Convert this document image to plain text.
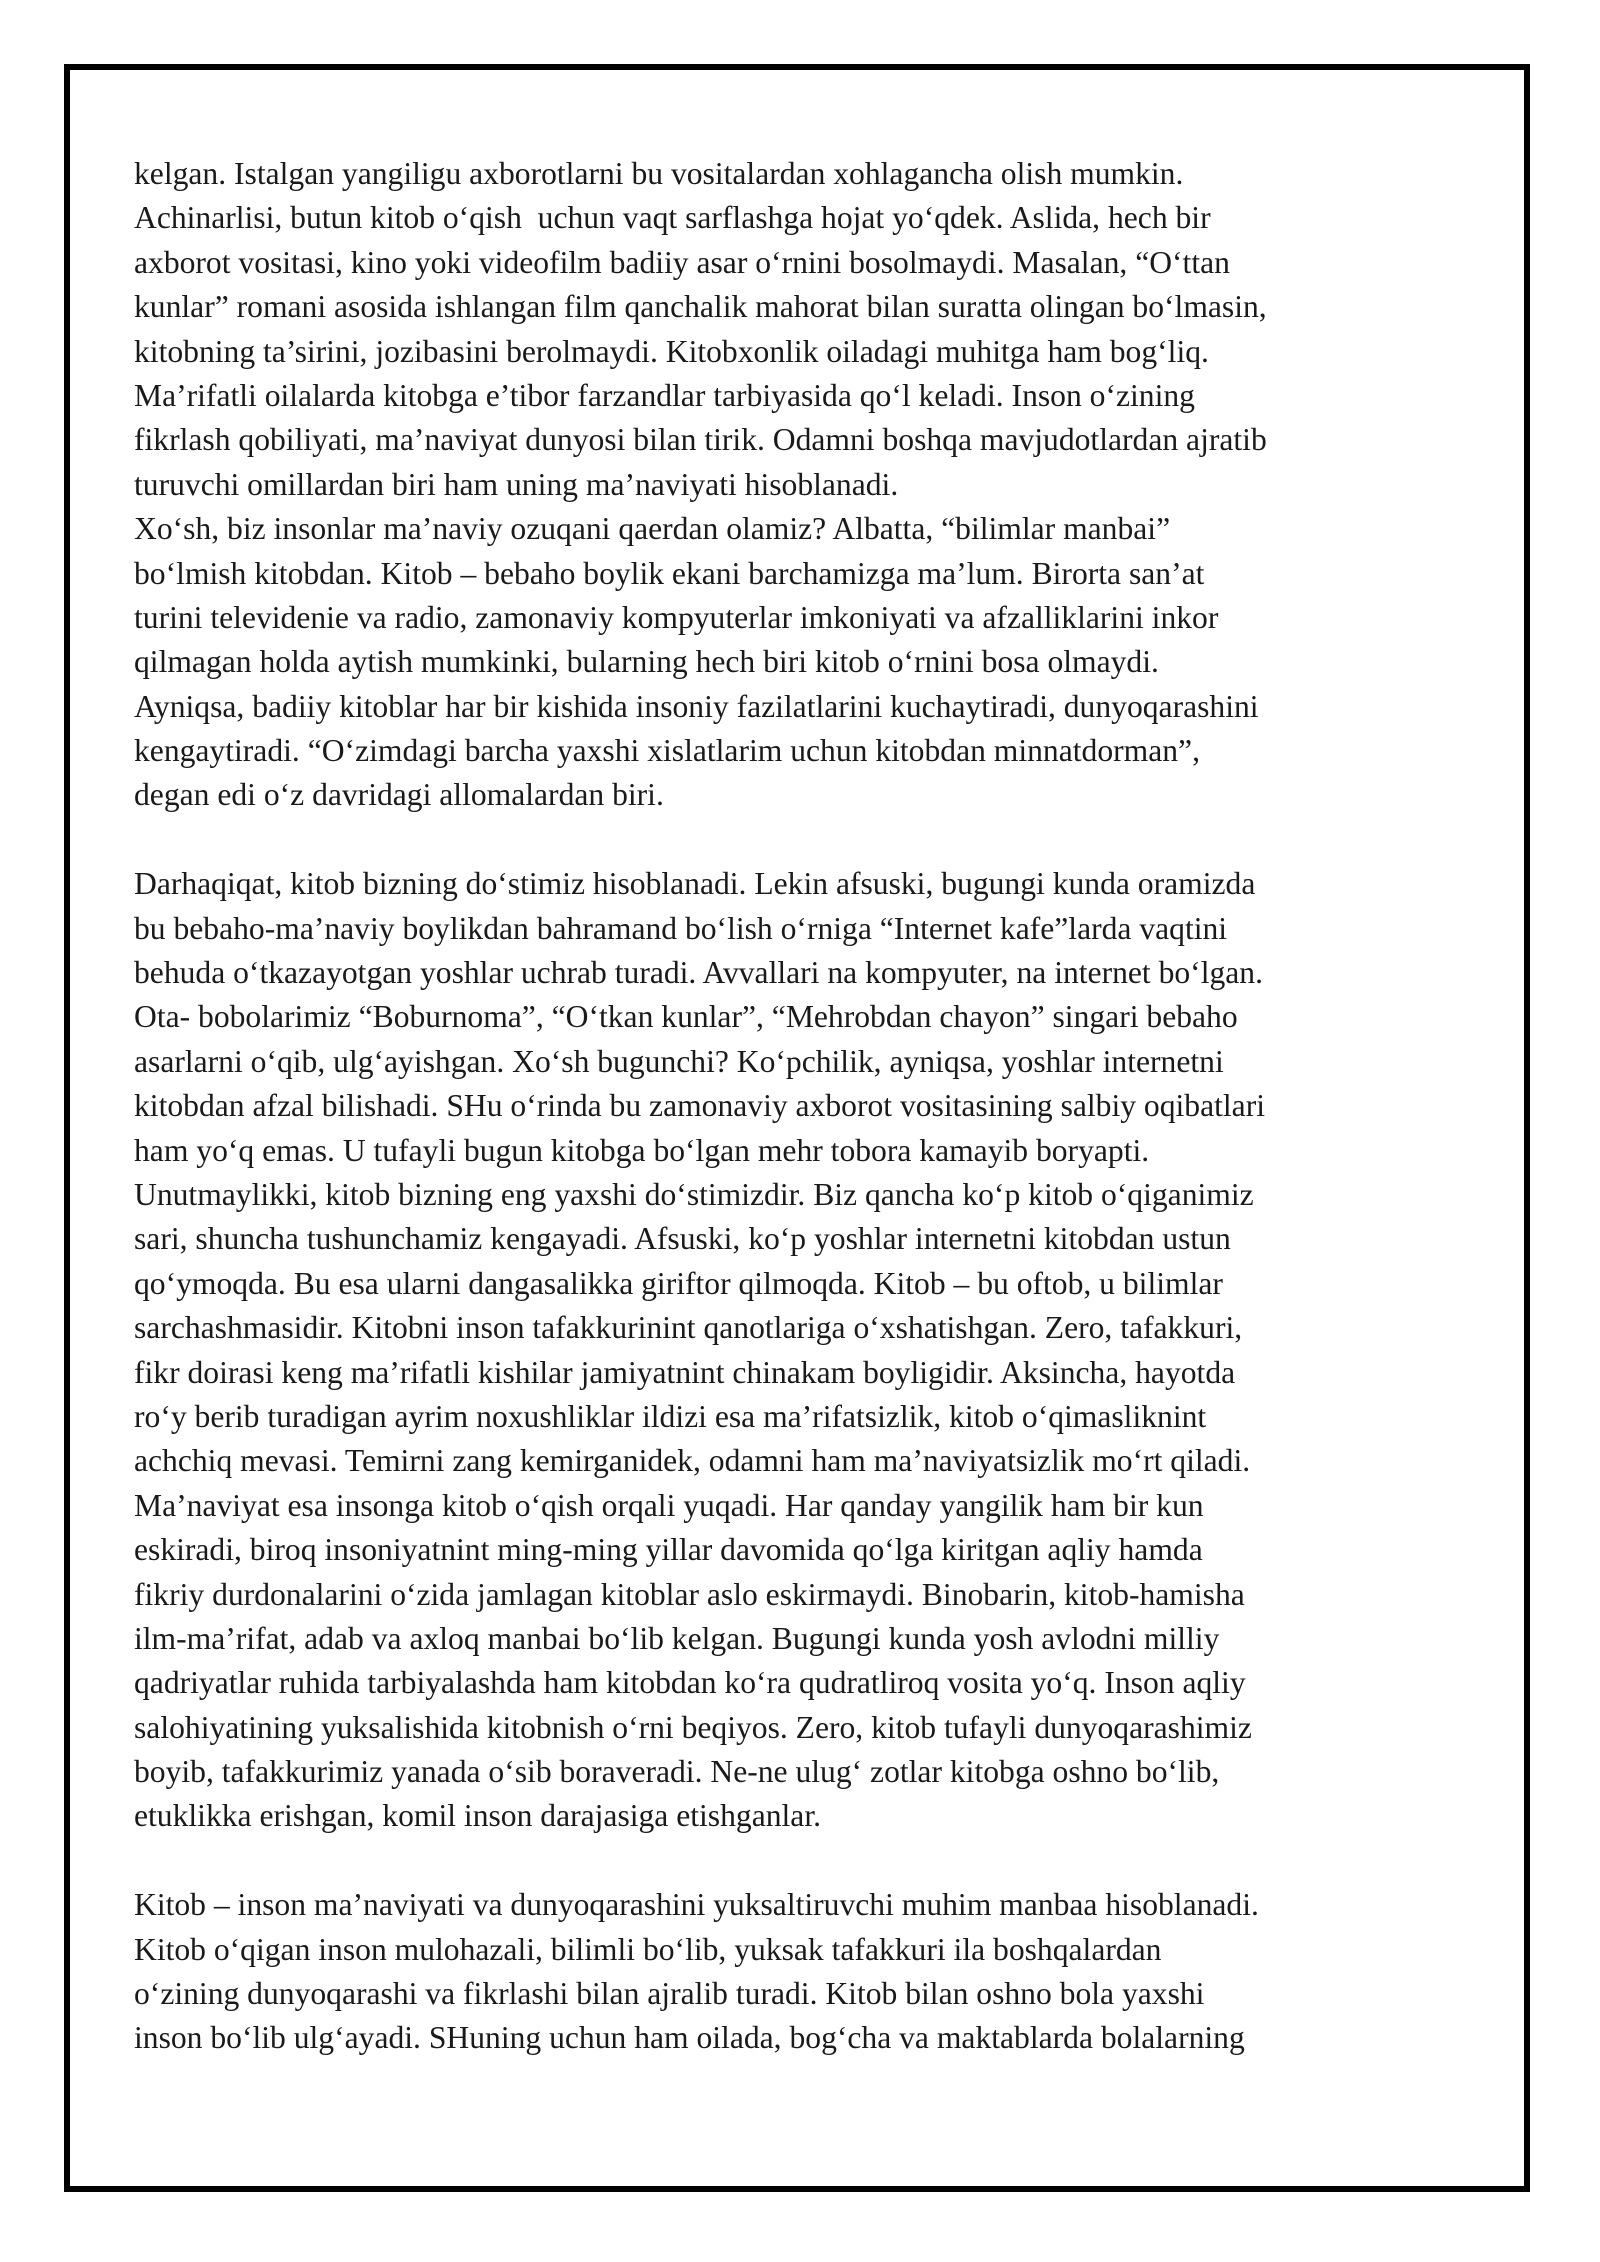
kelgan. Istalgan yangiligu axborotlarni bu vositalardan xohlagancha olish mumkin.
Achinarlisi, butun kitob o‘qish  uchun vaqt sarflashga hojat yo‘qdek. Aslida, hech bir
axborot vositasi, kino yoki videofilm badiiy asar o‘rnini bosolmaydi. Masalan, “O‘ttan
kunlar” romani asosida ishlangan film qanchalik mahorat bilan suratta olingan bo‘lmasin,
kitobning ta’sirini, jozibasini berolmaydi. Kitobxonlik oiladagi muhitga ham bog‘liq.
Ma’rifatli oilalarda kitobga e’tibor farzandlar tarbiyasida qo‘l keladi. Inson o‘zining
fikrlash qobiliyati, ma’naviyat dunyosi bilan tirik. Odamni boshqa mavjudotlardan ajratib
turuvchi omillardan biri ham uning ma’naviyati hisoblanadi.
Xo‘sh, biz insonlar ma’naviy ozuqani qaerdan olamiz? Albatta, “bilimlar manbai”
bo‘lmish kitobdan. Kitob – bebaho boylik ekani barchamizga ma’lum. Birorta san’at
turini televidenie va radio, zamonaviy kompyuterlar imkoniyati va afzalliklarini inkor
qilmagan holda aytish mumkinki, bularning hech biri kitob o‘rnini bosa olmaydi.
Ayniqsa, badiiy kitoblar har bir kishida insoniy fazilatlarini kuchaytiradi, dunyoqarashini
kengaytiradi. “O‘zimdagi barcha yaxshi xislatlarim uchun kitobdan minnatdorman”,
degan edi o‘z davridagi allomalardan biri.
Darhaqiqat, kitob bizning do‘stimiz hisoblanadi. Lekin afsuski, bugungi kunda oramizda
bu bebaho-ma’naviy boylikdan bahramand bo‘lish o‘rniga “Internet kafe”larda vaqtini
behuda o‘tkazayotgan yoshlar uchrab turadi. Avvallari na kompyuter, na internet bo‘lgan.
Ota- bobolarimiz “Boburnoma”, “O‘tkan kunlar”, “Mehrobdan chayon” singari bebaho
asarlarni o‘qib, ulg‘ayishgan. Xo‘sh bugunchi? Ko‘pchilik, ayniqsa, yoshlar internetni
kitobdan afzal bilishadi. SHu o‘rinda bu zamonaviy axborot vositasining salbiy oqibatlari
ham yo‘q emas. U tufayli bugun kitobga bo‘lgan mehr tobora kamayib boryapti.
Unutmaylikki, kitob bizning eng yaxshi do‘stimizdir. Biz qancha ko‘p kitob o‘qiganimiz
sari, shuncha tushunchamiz kengayadi. Afsuski, ko‘p yoshlar internetni kitobdan ustun
qo‘ymoqda. Bu esa ularni dangasalikka giriftor qilmoqda. Kitob – bu oftob, u bilimlar
sarchashmasidir. Kitobni inson tafakkurinint qanotlariga o‘xshatishgan. Zero, tafakkuri,
fikr doirasi keng ma’rifatli kishilar jamiyatnint chinakam boyligidir. Aksincha, hayotda
ro‘y berib turadigan ayrim noxushliklar ildizi esa ma’rifatsizlik, kitob o‘qimasliknint
achchiq mevasi. Temirni zang kemirganidek, odamni ham ma’naviyatsizlik mo‘rt qiladi.
Ma’naviyat esa insonga kitob o‘qish orqali yuqadi. Har qanday yangilik ham bir kun
eskiradi, biroq insoniyatnint ming-ming yillar davomida qo‘lga kiritgan aqliy hamda
fikriy durdonalarini o‘zida jamlagan kitoblar aslo eskirmaydi. Binobarin, kitob-hamisha
ilm-ma’rifat, adab va axloq manbai bo‘lib kelgan. Bugungi kunda yosh avlodni milliy
qadriyatlar ruhida tarbiyalashda ham kitobdan ko‘ra qudratliroq vosita yo‘q. Inson aqliy
salohiyatining yuksalishida kitobnish o‘rni beqiyos. Zero, kitob tufayli dunyoqarashimiz
boyib, tafakkurimiz yanada o‘sib boraveradi. Ne-ne ulug‘ zotlar kitobga oshno bo‘lib,
etuklikka erishgan, komil inson darajasiga etishganlar.
Kitob – inson ma’naviyati va dunyoqarashini yuksaltiruvchi muhim manbaa hisoblanadi.
Kitob o‘qigan inson mulohazali, bilimli bo‘lib, yuksak tafakkuri ila boshqalardan
o‘zining dunyoqarashi va fikrlashi bilan ajralib turadi. Kitob bilan oshno bola yaxshi
inson bo‘lib ulg‘ayadi. SHuning uchun ham oilada, bog‘cha va maktablarda bolalarning
